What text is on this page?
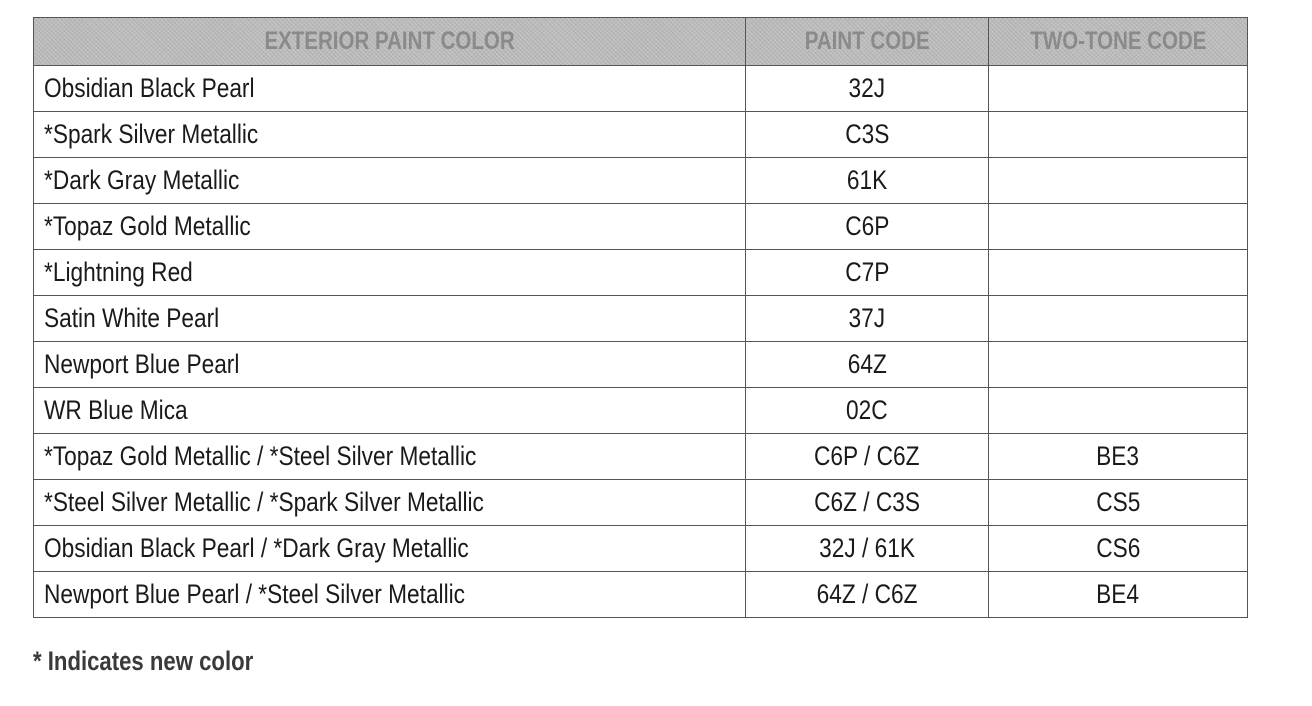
EXTERIOR PAINT COLOR	PAINT CODE	TWO-TONE CODE
Obsidian Black Pearl	32J	
*Spark Silver Metallic	C3S	
*Dark Gray Metallic	61K	
*Topaz Gold Metallic	C6P	
*Lightning Red	C7P	
Satin White Pearl	37J	
Newport Blue Pearl	64Z	
WR Blue Mica	02C	
*Topaz Gold Metallic / *Steel Silver Metallic	C6P / C6Z	BE3
*Steel Silver Metallic / *Spark Silver Metallic	C6Z / C3S	CS5
Obsidian Black Pearl / *Dark Gray Metallic	32J / 61K	CS6
Newport Blue Pearl / *Steel Silver Metallic	64Z / C6Z	BE4
* Indicates new color
